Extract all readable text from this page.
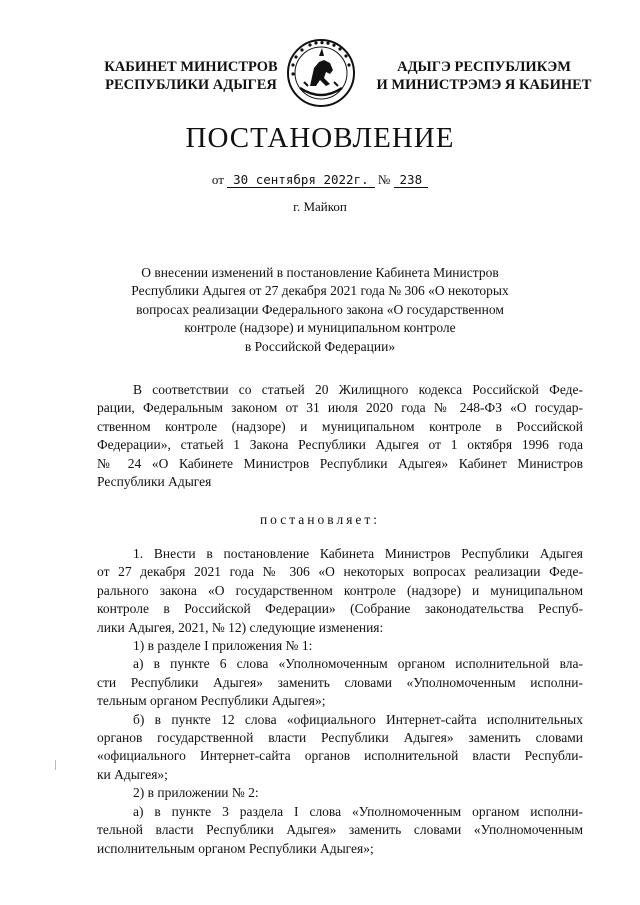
КАБИНЕТ МИНИСТРОВ
РЕСПУБЛИКИ АДЫГЕЯ
АДЫГЭ РЕСПУБЛИКЭМ
И МИНИСТРЭМЭ Я КАБИНЕТ
ПОСТАНОВЛЕНИЕ
от 30 сентября 2022г. № 238
г. Майкоп
О внесении изменений в постановление Кабинета Министров
Республики Адыгея от 27 декабря 2021 года № 306 «О некоторых
вопросах реализации Федерального закона «О государственном
контроле (надзоре) и муниципальном контроле
в Российской Федерации»
В соответствии со статьей 20 Жилищного кодекса Российской Феде-
рации, Федеральным законом от 31 июля 2020 года № 248-ФЗ «О государ-
ственном контроле (надзоре) и муниципальном контроле в Российской
Федерации», статьей 1 Закона Республики Адыгея от 1 октября 1996 года
№ 24 «О Кабинете Министров Республики Адыгея» Кабинет Министров
Республики Адыгея
постановляет:
1. Внести в постановление Кабинета Министров Республики Адыгея
от 27 декабря 2021 года № 306 «О некоторых вопросах реализации Феде-
рального закона «О государственном контроле (надзоре) и муниципальном
контроле в Российской Федерации» (Собрание законодательства Респуб-
лики Адыгея, 2021, № 12) следующие изменения:
1) в разделе I приложения № 1:
а) в пункте 6 слова «Уполномоченным органом исполнительной вла-
сти Республики Адыгея» заменить словами «Уполномоченным исполни-
тельным органом Республики Адыгея»;
б) в пункте 12 слова «официального Интернет-сайта исполнительных
органов государственной власти Республики Адыгея» заменить словами
«официального Интернет-сайта органов исполнительной власти Республи-
ки Адыгея»;
2) в приложении № 2:
а) в пункте 3 раздела I слова «Уполномоченным органом исполни-
тельной власти Республики Адыгея» заменить словами «Уполномоченным
исполнительным органом Республики Адыгея»;
